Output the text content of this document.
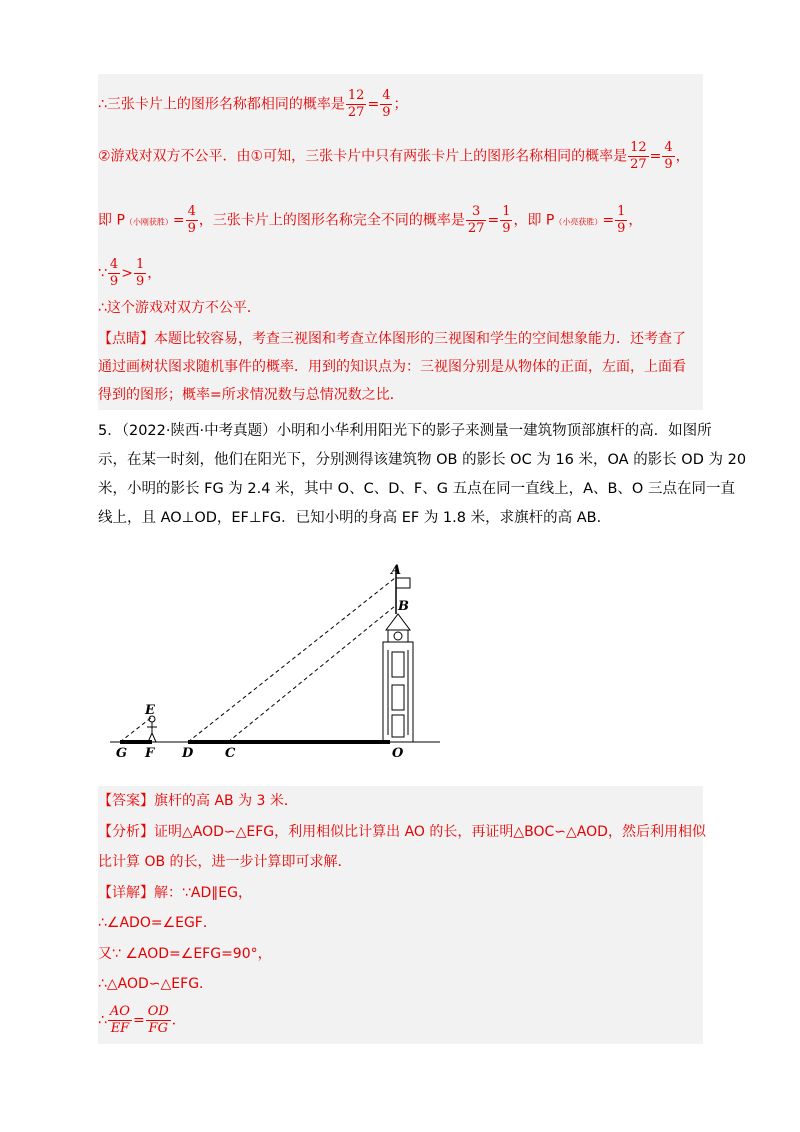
∴三张卡片上的图形名称都相同的概率是 $\frac{12}{27} = \frac{4}{9}$ ；
②游戏对双方不公平．由①可知，三张卡片中只有两张卡片上的图形名称相同的概率是 $\frac{12}{27} = \frac{4}{9}$ ，
即 P（小刚获胜）= $\frac{4}{9}$ ，三张卡片上的图形名称完全不同的概率是 $\frac{3}{27} = \frac{1}{9}$ ，即 P（小亮获胜）= $\frac{1}{9}$ ，
∵ $\frac{4}{9} > \frac{1}{9}$ ，
∴这个游戏对双方不公平．
【点睛】本题比较容易，考查三视图和考查立体图形的三视图和学生的空间想象能力．还考查了
通过画树状图求随机事件的概率．用到的知识点为：三视图分别是从物体的正面，左面，上面看
得到的图形；概率=所求情况数与总情况数之比．
5．（2022·陕西·中考真题）小明和小华利用阳光下的影子来测量一建筑物顶部旗杆的高．如图所
示，在某一时刻，他们在阳光下，分别测得该建筑物 OB 的影长 OC 为 16 米，OA 的影长 OD 为 20
米，小明的影长 FG 为 2.4 米，其中 O、C、D、F、G 五点在同一直线上，A、B、O 三点在同一直
线上，且 AO⊥OD，EF⊥FG．已知小明的身高 EF 为 1.8 米，求旗杆的高 AB．
A
B
E
G F D C	O
【答案】旗杆的高 AB 为 3 米．
【分析】证明△AOD∽△EFG，利用相似比计算出 AO 的长，再证明△BOC∽△AOD，然后利用相似
比计算 OB 的长，进一步计算即可求解．
【详解】解：∵AD∥EG，
∴∠ADO=∠EGF．
又∵ ∠AOD=∠EFG=90°，
∴△AOD∽△EFG．
∴ $\frac{AO}{EF} = \frac{OD}{FG}$ ．
